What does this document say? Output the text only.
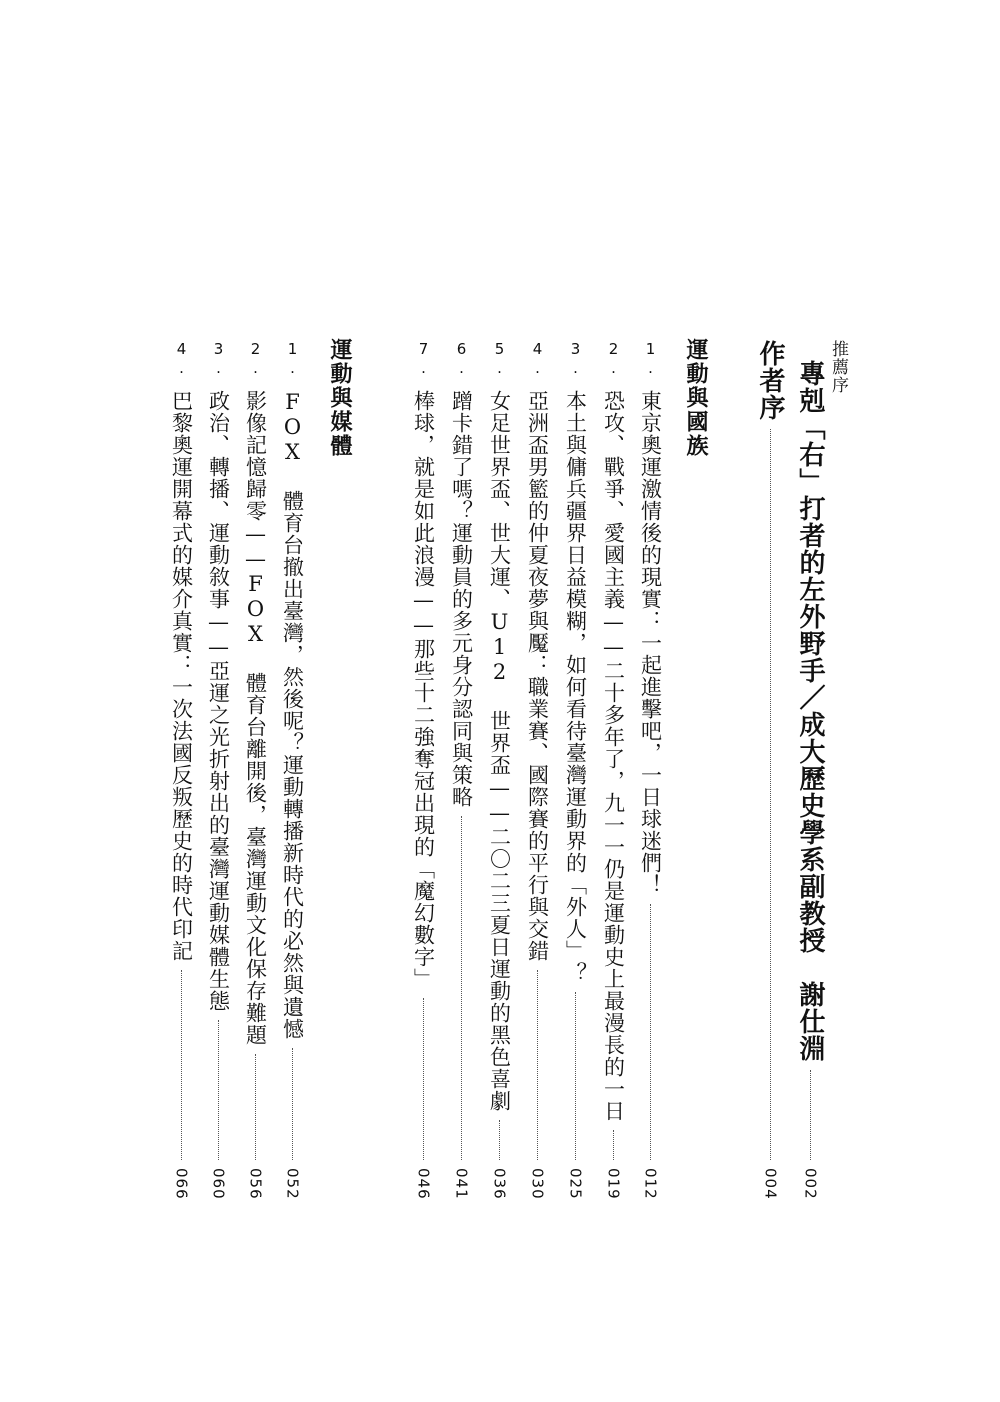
推薦序
專剋「右」打者的左外野手／成大歷史學系副教授　謝仕淵
002
作者序
004
運動與國族
1.
東京奧運激情後的現實：一起進擊吧，一日球迷們！
012
2.
恐攻、戰爭、愛國主義——二十多年了，九一一仍是運動史上最漫長的一日
019
3.
本土與傭兵疆界日益模糊，如何看待臺灣運動界的「外人」？
025
4.
亞洲盃男籃的仲夏夜夢與魘：職業賽、國際賽的平行與交錯
030
5.
女足世界盃、世大運、U12 世界盃——二〇二三夏日運動的黑色喜劇
036
6.
蹭卡錯了嗎？運動員的多元身分認同與策略
041
7.
棒球，就是如此浪漫——那些十二強奪冠出現的「魔幻數字」
046
運動與媒體
1.
FOX 體育台撤出臺灣，然後呢？運動轉播新時代的必然與遺憾
052
2.
影像記憶歸零——FOX 體育台離開後，臺灣運動文化保存難題
056
3.
政治、轉播、運動敘事——亞運之光折射出的臺灣運動媒體生態
060
4.
巴黎奧運開幕式的媒介真實：一次法國反叛歷史的時代印記
066
